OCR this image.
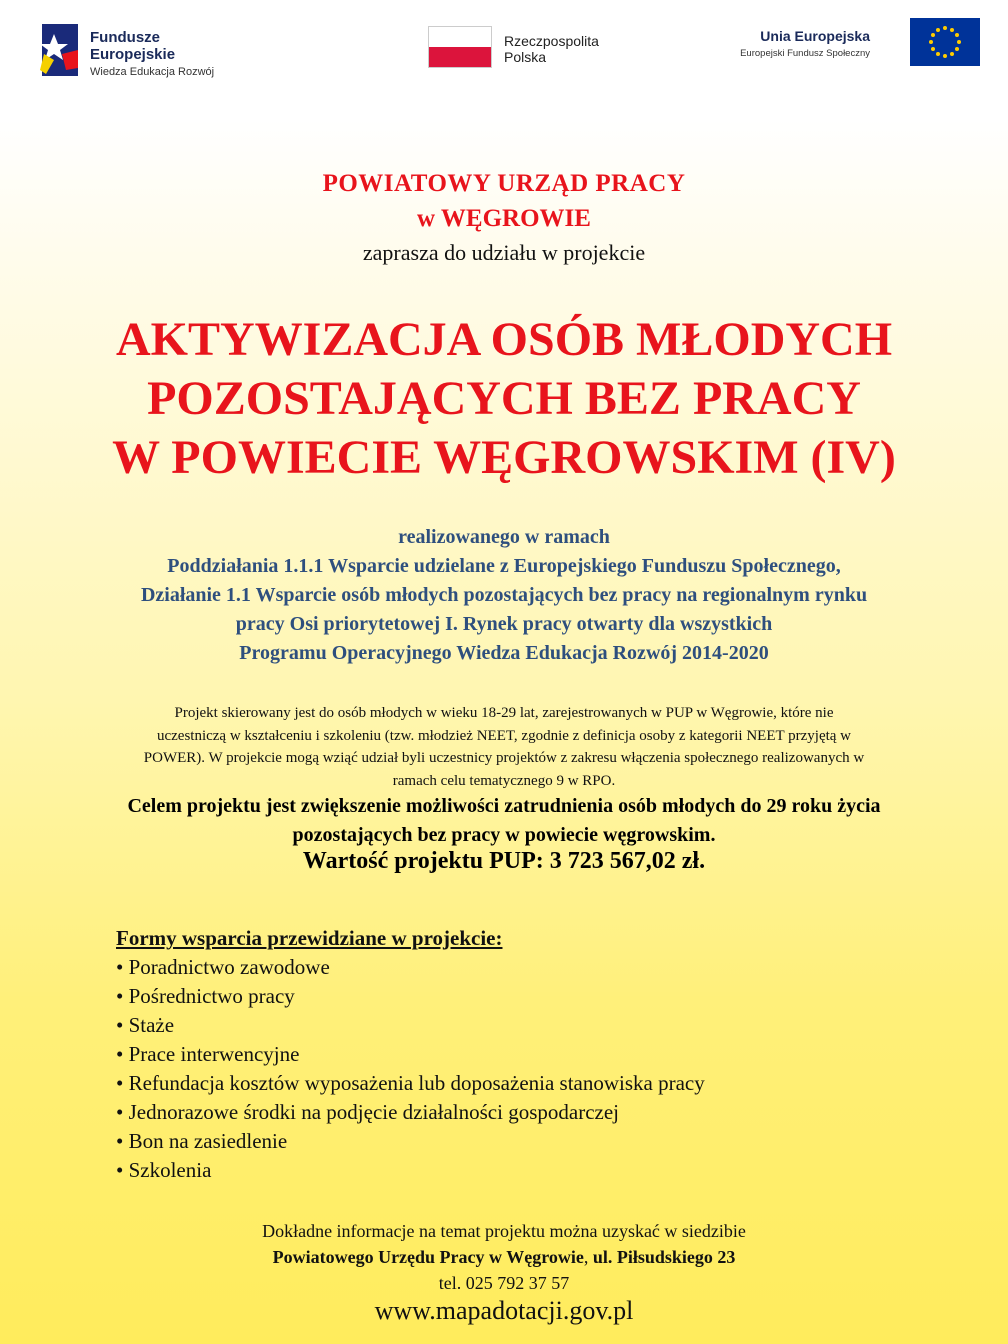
Fundusze
Europejskie
Wiedza Edukacja Rozwój
Rzeczpospolita
Polska
Unia Europejska
Europejski Fundusz Społeczny
POWIATOWY URZĄD PRACY
w WĘGROWIE
zaprasza do udziału w projekcie
AKTYWIZACJA OSÓB MŁODYCH
POZOSTAJĄCYCH BEZ PRACY
W POWIECIE WĘGROWSKIM (IV)
realizowanego w ramach
Poddziałania 1.1.1 Wsparcie udzielane z Europejskiego Funduszu Społecznego,
Działanie 1.1 Wsparcie osób młodych pozostających bez pracy na regionalnym rynku
pracy Osi priorytetowej I. Rynek pracy otwarty dla wszystkich
Programu Operacyjnego Wiedza Edukacja Rozwój 2014-2020
Projekt skierowany jest do osób młodych w wieku 18-29 lat, zarejestrowanych w PUP w Węgrowie, które nie
uczestniczą w kształceniu i szkoleniu (tzw. młodzież NEET, zgodnie z definicja osoby z kategorii NEET przyjętą w
POWER). W projekcie mogą wziąć udział byli uczestnicy projektów z zakresu włączenia społecznego realizowanych w
ramach celu tematycznego 9 w RPO.
Celem projektu jest zwiększenie możliwości zatrudnienia osób młodych do 29 roku życia
pozostających bez pracy w powiecie węgrowskim.
Wartość projektu PUP: 3 723 567,02 zł.
Formy wsparcia przewidziane w projekcie:
• Poradnictwo zawodowe
• Pośrednictwo pracy
• Staże
• Prace interwencyjne
• Refundacja kosztów wyposażenia lub doposażenia stanowiska pracy
• Jednorazowe środki na podjęcie działalności gospodarczej
• Bon na zasiedlenie
• Szkolenia
Dokładne informacje na temat projektu można uzyskać w siedzibie
Powiatowego Urzędu Pracy w Węgrowie, ul. Piłsudskiego 23
tel. 025 792 37 57
www.mapadotacji.gov.pl
